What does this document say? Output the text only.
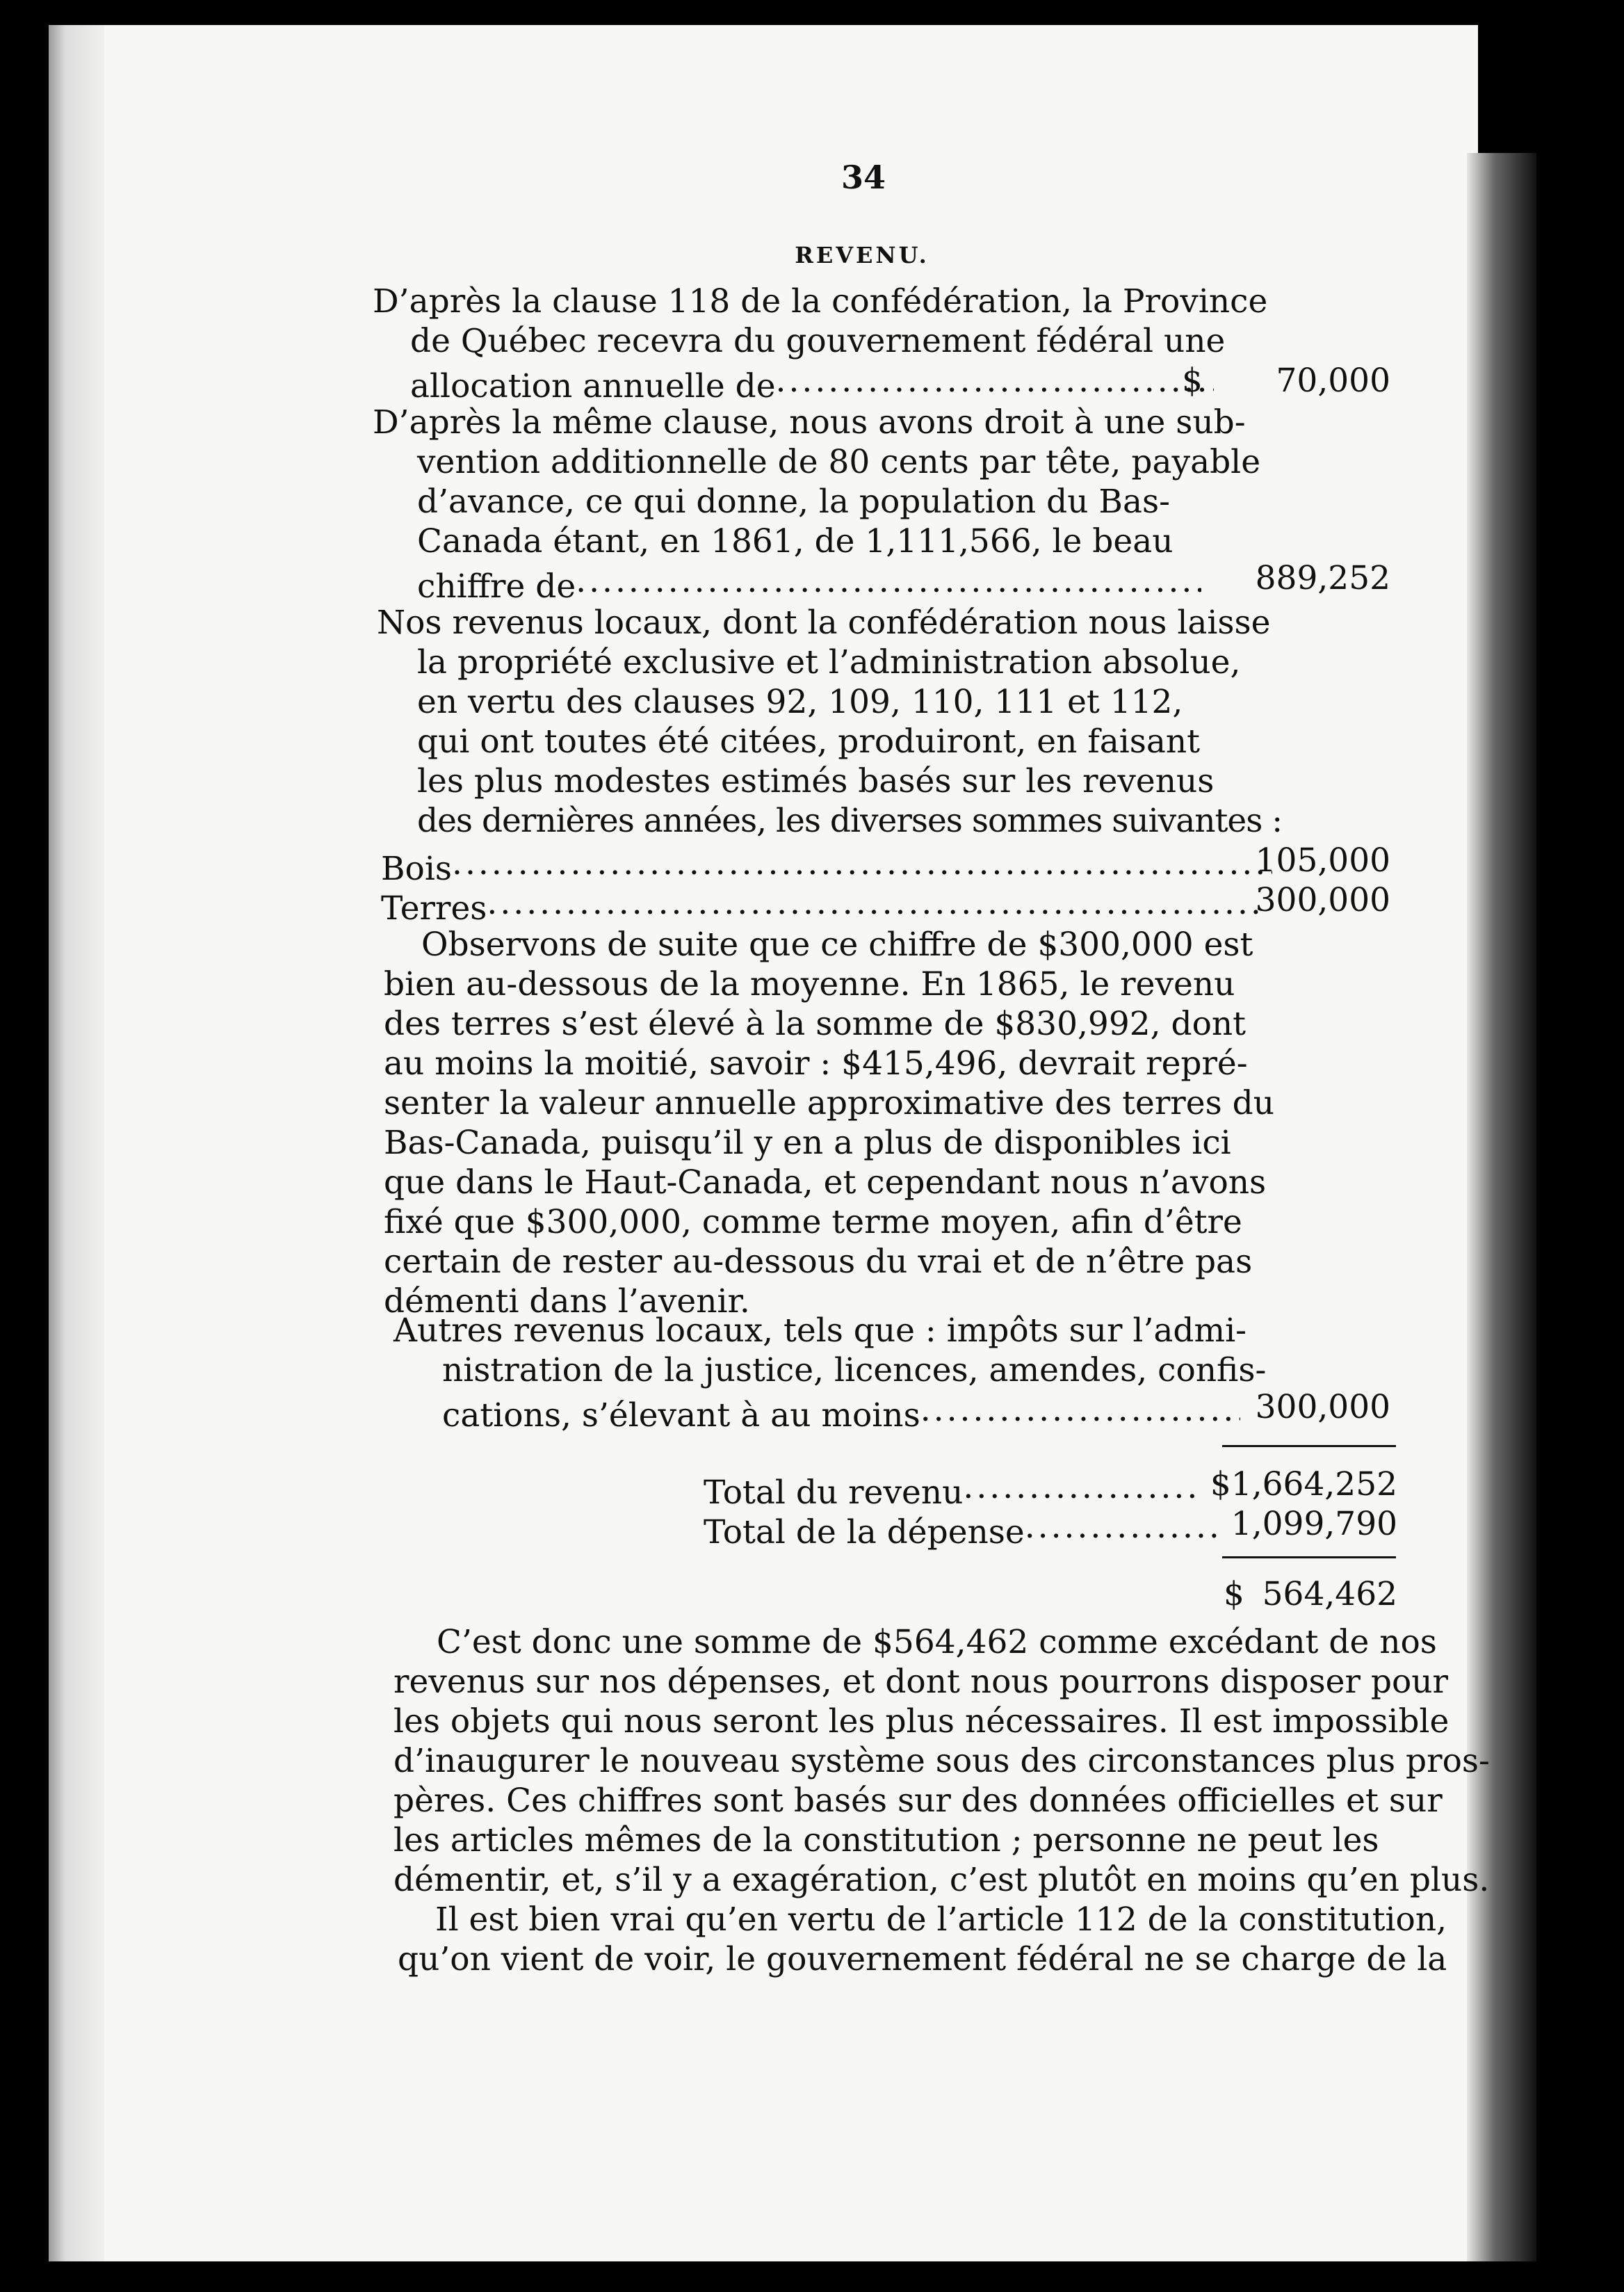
34
REVENU.
D’après la clause 118 de la confédération, la Province
de Québec recevra du gouvernement fédéral une
allocation annuelle de .....	$	70,000
D’après la même clause, nous avons droit à une sub-
vention additionnelle de 80 cents par tête, payable
d’avance, ce qui donne, la population du Bas-
Canada étant, en 1861, de 1,111,566, le beau
chiffre de .....	889,252
Nos revenus locaux, dont la confédération nous laisse
la propriété exclusive et l’administration absolue,
en vertu des clauses 92, 109, 110, 111 et 112,
qui ont toutes été citées, produiront, en faisant
les plus modestes estimés basés sur les revenus
des dernières années, les diverses sommes suivantes :
Bois .....	105,000
Terres .....	300,000
Observons de suite que ce chiffre de $300,000 est
bien au-dessous de la moyenne. En 1865, le revenu
des terres s’est élevé à la somme de $830,992, dont
au moins la moitié, savoir : $415,496, devrait repré-
senter la valeur annuelle approximative des terres du
Bas-Canada, puisqu’il y en a plus de disponibles ici
que dans le Haut-Canada, et cependant nous n’avons
fixé que $300,000, comme terme moyen, afin d’être
certain de rester au-dessous du vrai et de n’être pas
démenti dans l’avenir.
Autres revenus locaux, tels que : impôts sur l’admi-
nistration de la justice, licences, amendes, confis-
cations, s’élevant à au moins .....	300,000
Total du revenu .....	$1,664,252
Total de la dépense .....	1,099,790
$ 564,462
C’est donc une somme de $564,462 comme excédant de nos
revenus sur nos dépenses, et dont nous pourrons disposer pour
les objets qui nous seront les plus nécessaires. Il est impossible
d’inaugurer le nouveau système sous des circonstances plus pros-
pères. Ces chiffres sont basés sur des données officielles et sur
les articles mêmes de la constitution ; personne ne peut les
démentir, et, s’il y a exagération, c’est plutôt en moins qu’en plus.
Il est bien vrai qu’en vertu de l’article 112 de la constitution,
qu’on vient de voir, le gouvernement fédéral ne se charge de la
